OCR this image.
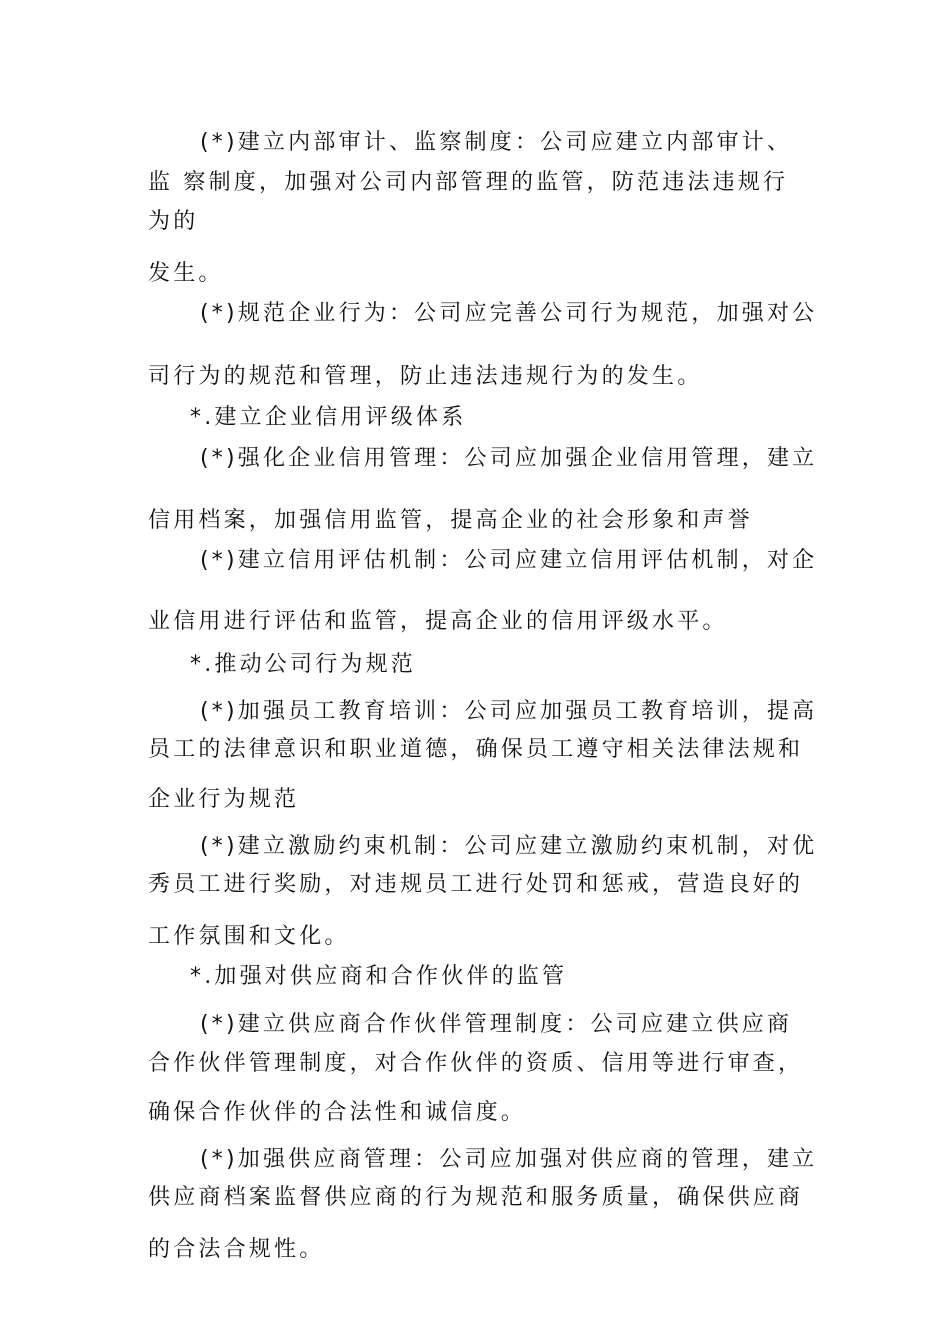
(*)建立内部审计、监察制度：公司应建立内部审计、
监 察制度，加强对公司内部管理的监管，防范违法违规行
为的
发生。
(*)规范企业行为：公司应完善公司行为规范，加强对公
司行为的规范和管理，防止违法违规行为的发生。
*.建立企业信用评级体系
(*)强化企业信用管理：公司应加强企业信用管理，建立
信用档案，加强信用监管，提高企业的社会形象和声誉
(*)建立信用评估机制：公司应建立信用评估机制，对企
业信用进行评估和监管，提高企业的信用评级水平。
*.推动公司行为规范
(*)加强员工教育培训：公司应加强员工教育培训，提高
员工的法律意识和职业道德，确保员工遵守相关法律法规和
企业行为规范
(*)建立激励约束机制：公司应建立激励约束机制，对优
秀员工进行奖励，对违规员工进行处罚和惩戒，营造良好的
工作氛围和文化。
*.加强对供应商和合作伙伴的监管
(*)建立供应商合作伙伴管理制度：公司应建立供应商
合作伙伴管理制度，对合作伙伴的资质、信用等进行审查，
确保合作伙伴的合法性和诚信度。
(*)加强供应商管理：公司应加强对供应商的管理，建立
供应商档案监督供应商的行为规范和服务质量，确保供应商
的合法合规性。
